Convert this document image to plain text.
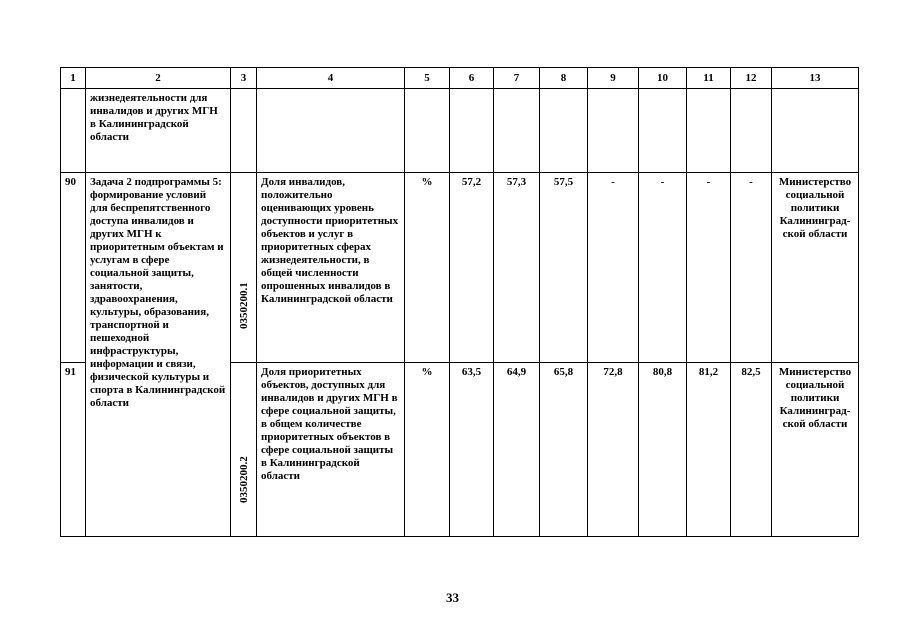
1	2	3	4	5	6	7	8	9	10	11	12	13
	жизнедеятельности для инвалидов и других МГН в Калининградской области											
90	Задача 2 подпрограммы 5: формирование условий для беспрепятственного доступа инвалидов и других МГН к приоритетным объектам и услугам в сфере социальной защиты, занятости, здравоохранения, культуры, образования, транспортной и пешеходной инфраструктуры, информации и связи, физической культуры и спорта в Калининградской области	0350200.1	Доля инвалидов, положительно оценивающих уровень доступности приоритетных объектов и услуг в приоритетных сферах жизнедеятельности, в общей численности опрошенных инвалидов в Калининградской области	%	57,2	57,3	57,5	-	-	-	-	Министерство социальной политики Калининград-ской области
91		0350200.2	Доля приоритетных объектов, доступных для инвалидов и других МГН в сфере социальной защиты, в общем количестве приоритетных объектов в сфере социальной защиты в Калининградской области	%	63,5	64,9	65,8	72,8	80,8	81,2	82,5	Министерство социальной политики Калининград-ской области
33
